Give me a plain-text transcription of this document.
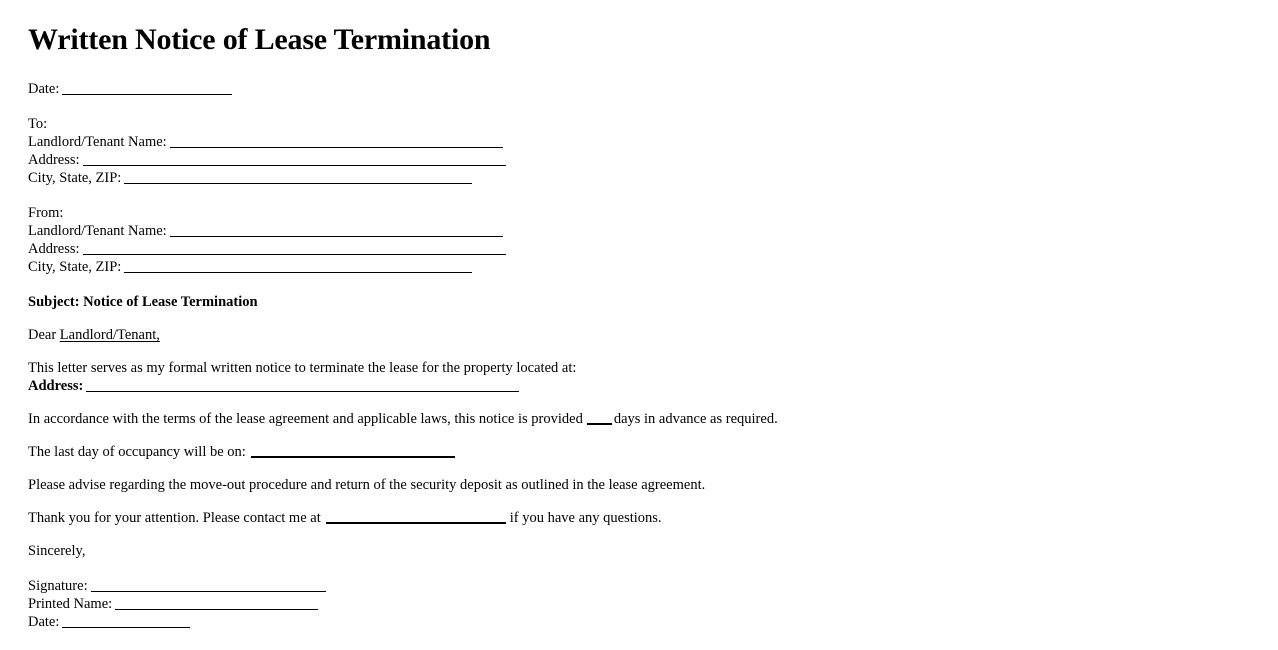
Written Notice of Lease Termination

Date:

To:

Landlord/Tenant Name:

Address:

City, State, ZIP:

From:

Landlord/Tenant Name:

Address:

City, State, ZIP:

Subject: Notice of Lease Termination

Dear Landlord/Tenant,

This letter serves as my formal written notice to terminate the lease for the property located at:

Address:

In accordance with the terms of the lease agreement and applicable laws, this notice is provided days in advance as required.

The last day of occupancy will be on:

Please advise regarding the move-out procedure and return of the security deposit as outlined in the lease agreement.

Thank you for your attention. Please contact me at	if you have any questions.

Sincerely,

Signature:

Printed Name:

Date:
